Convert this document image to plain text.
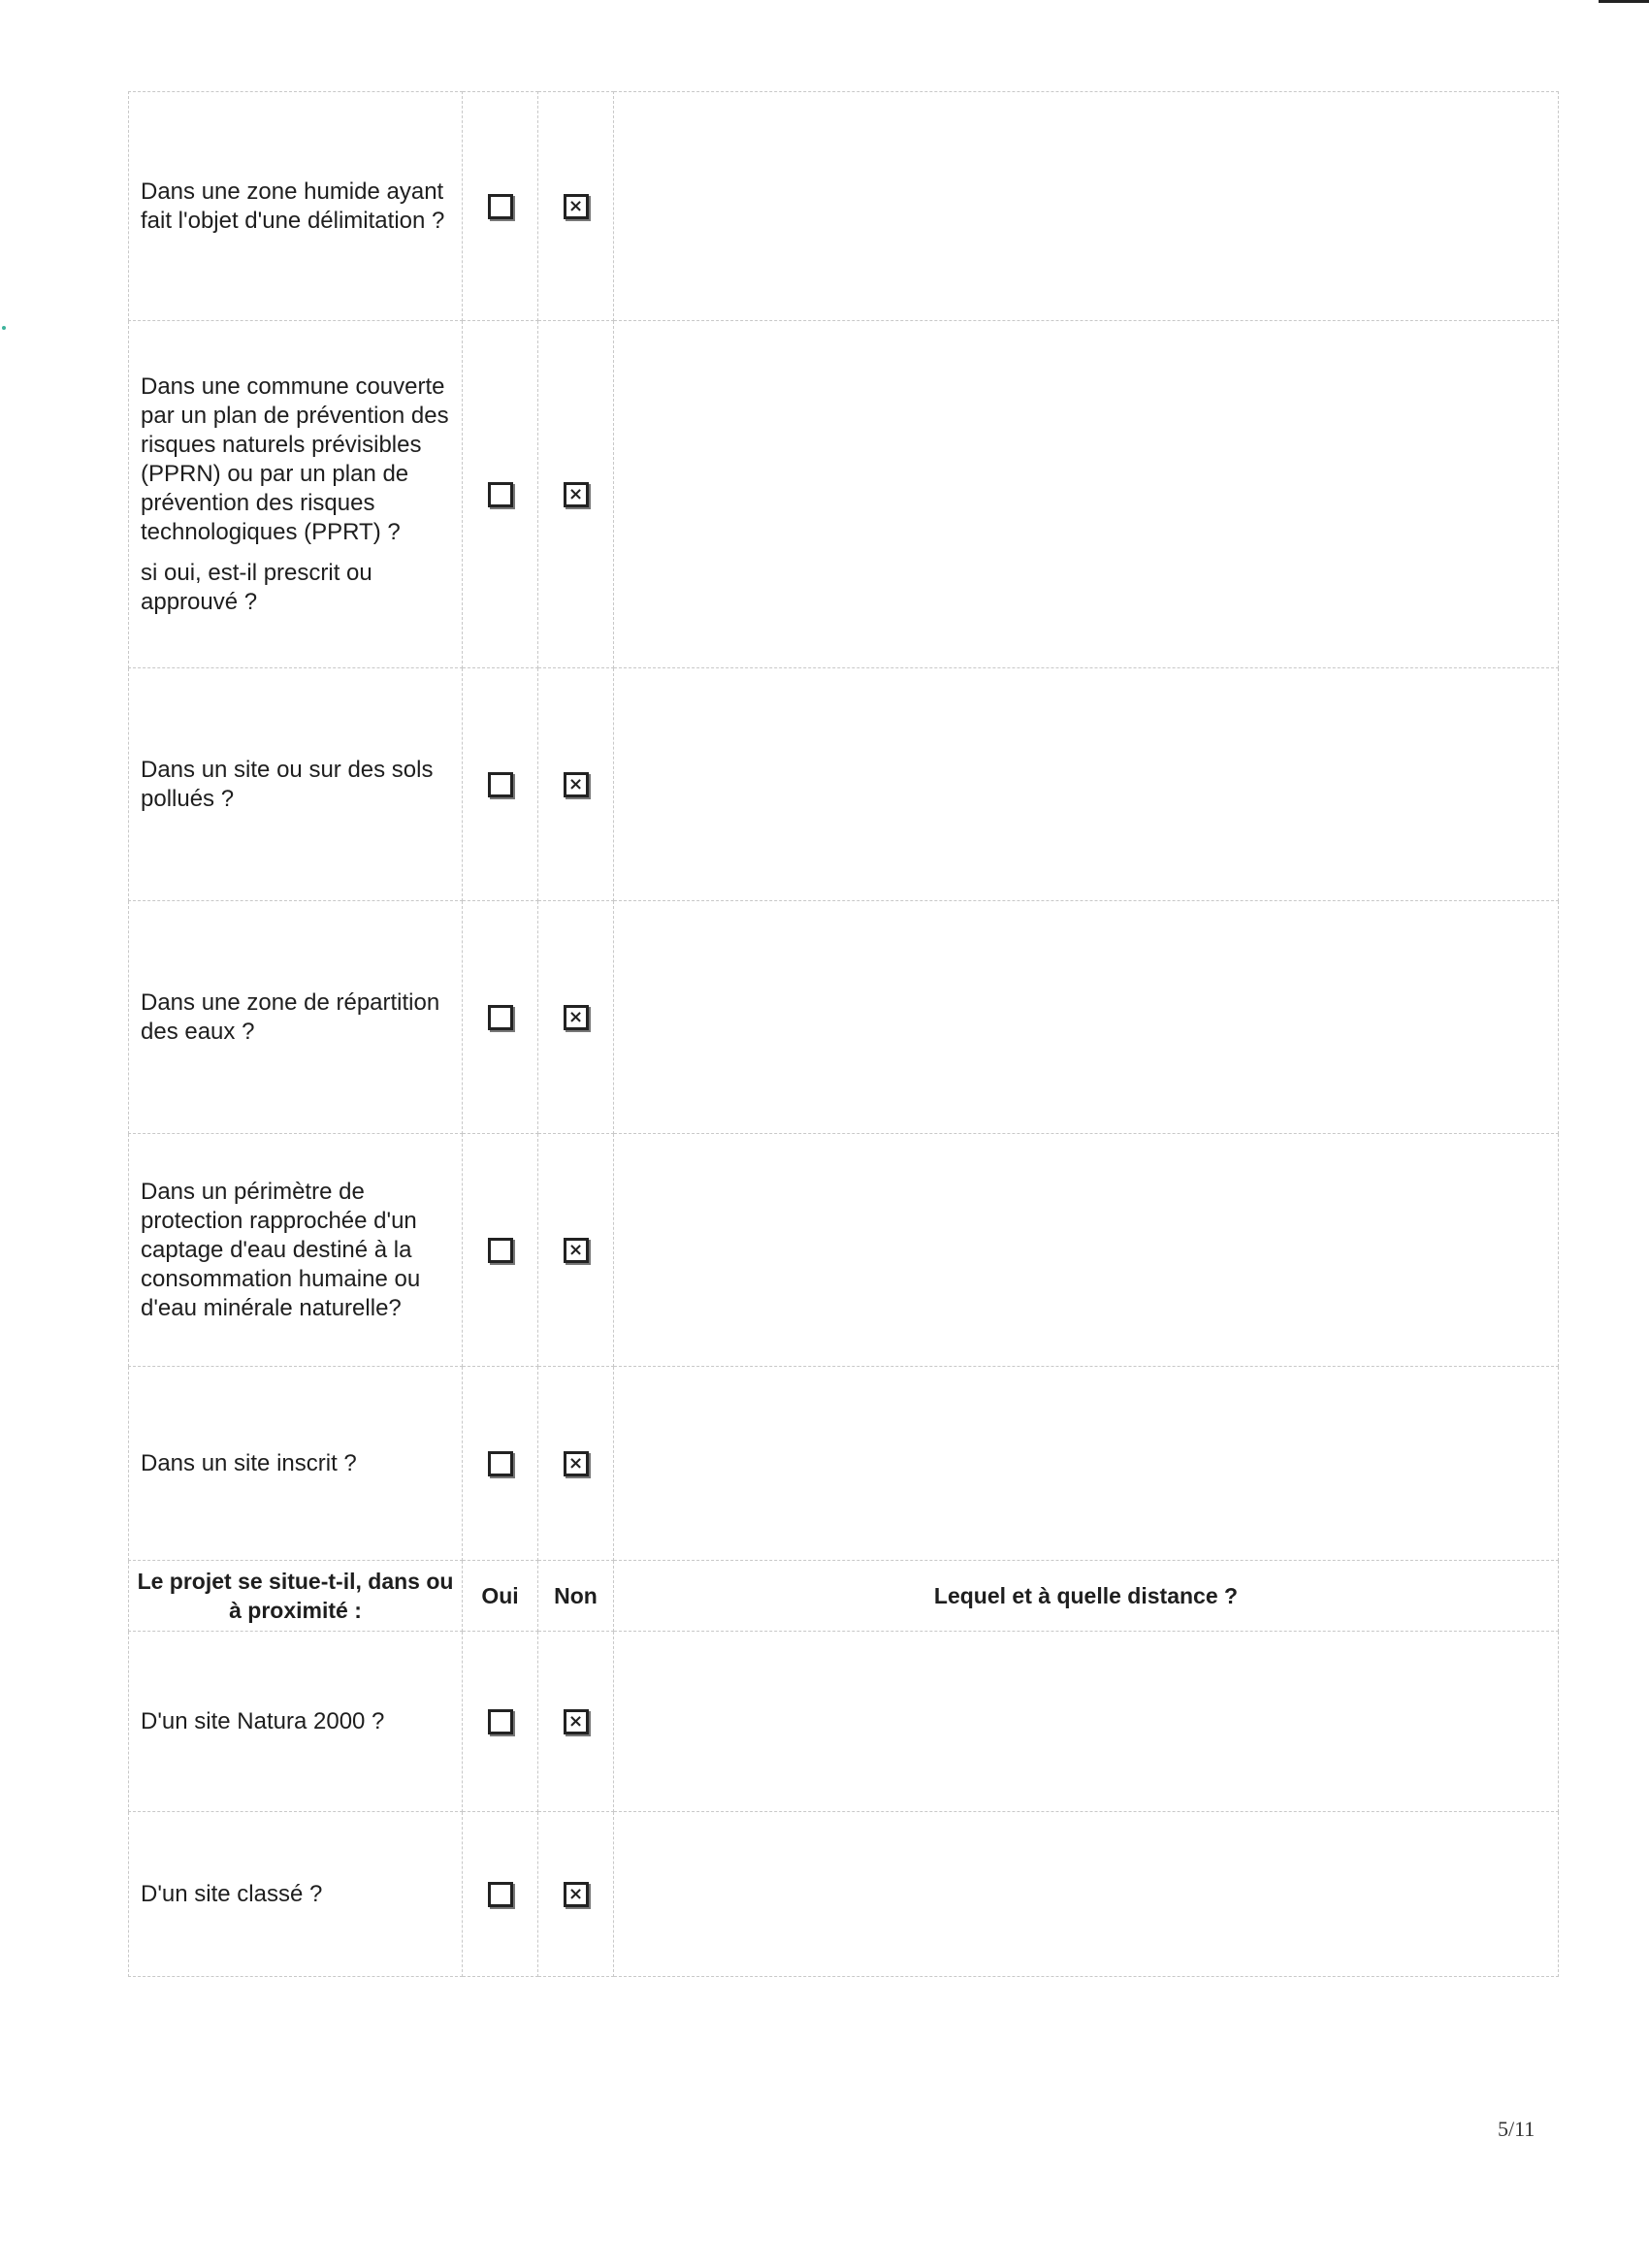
Dans une zone humide ayant fait l'objet d'une délimitation ?		×	

Dans une commune couverte par un plan de prévention des risques naturels prévisibles (PPRN) ou par un plan de prévention des risques technologiques (PPRT) ?
si oui, est-il prescrit ou approuvé ?		×	

Dans un site ou sur des sols pollués ?		×	

Dans une zone de répartition des eaux ?		×	

Dans un périmètre de protection rapprochée d'un captage d'eau destiné à la consommation humaine ou d'eau minérale naturelle?		×	

Dans un site inscrit ?		×	

Le projet se situe-t-il, dans ou à proximité :	Oui	Non	Lequel et à quelle distance ?

D'un site Natura 2000 ?		×	

D'un site classé ?		×	

5/11
